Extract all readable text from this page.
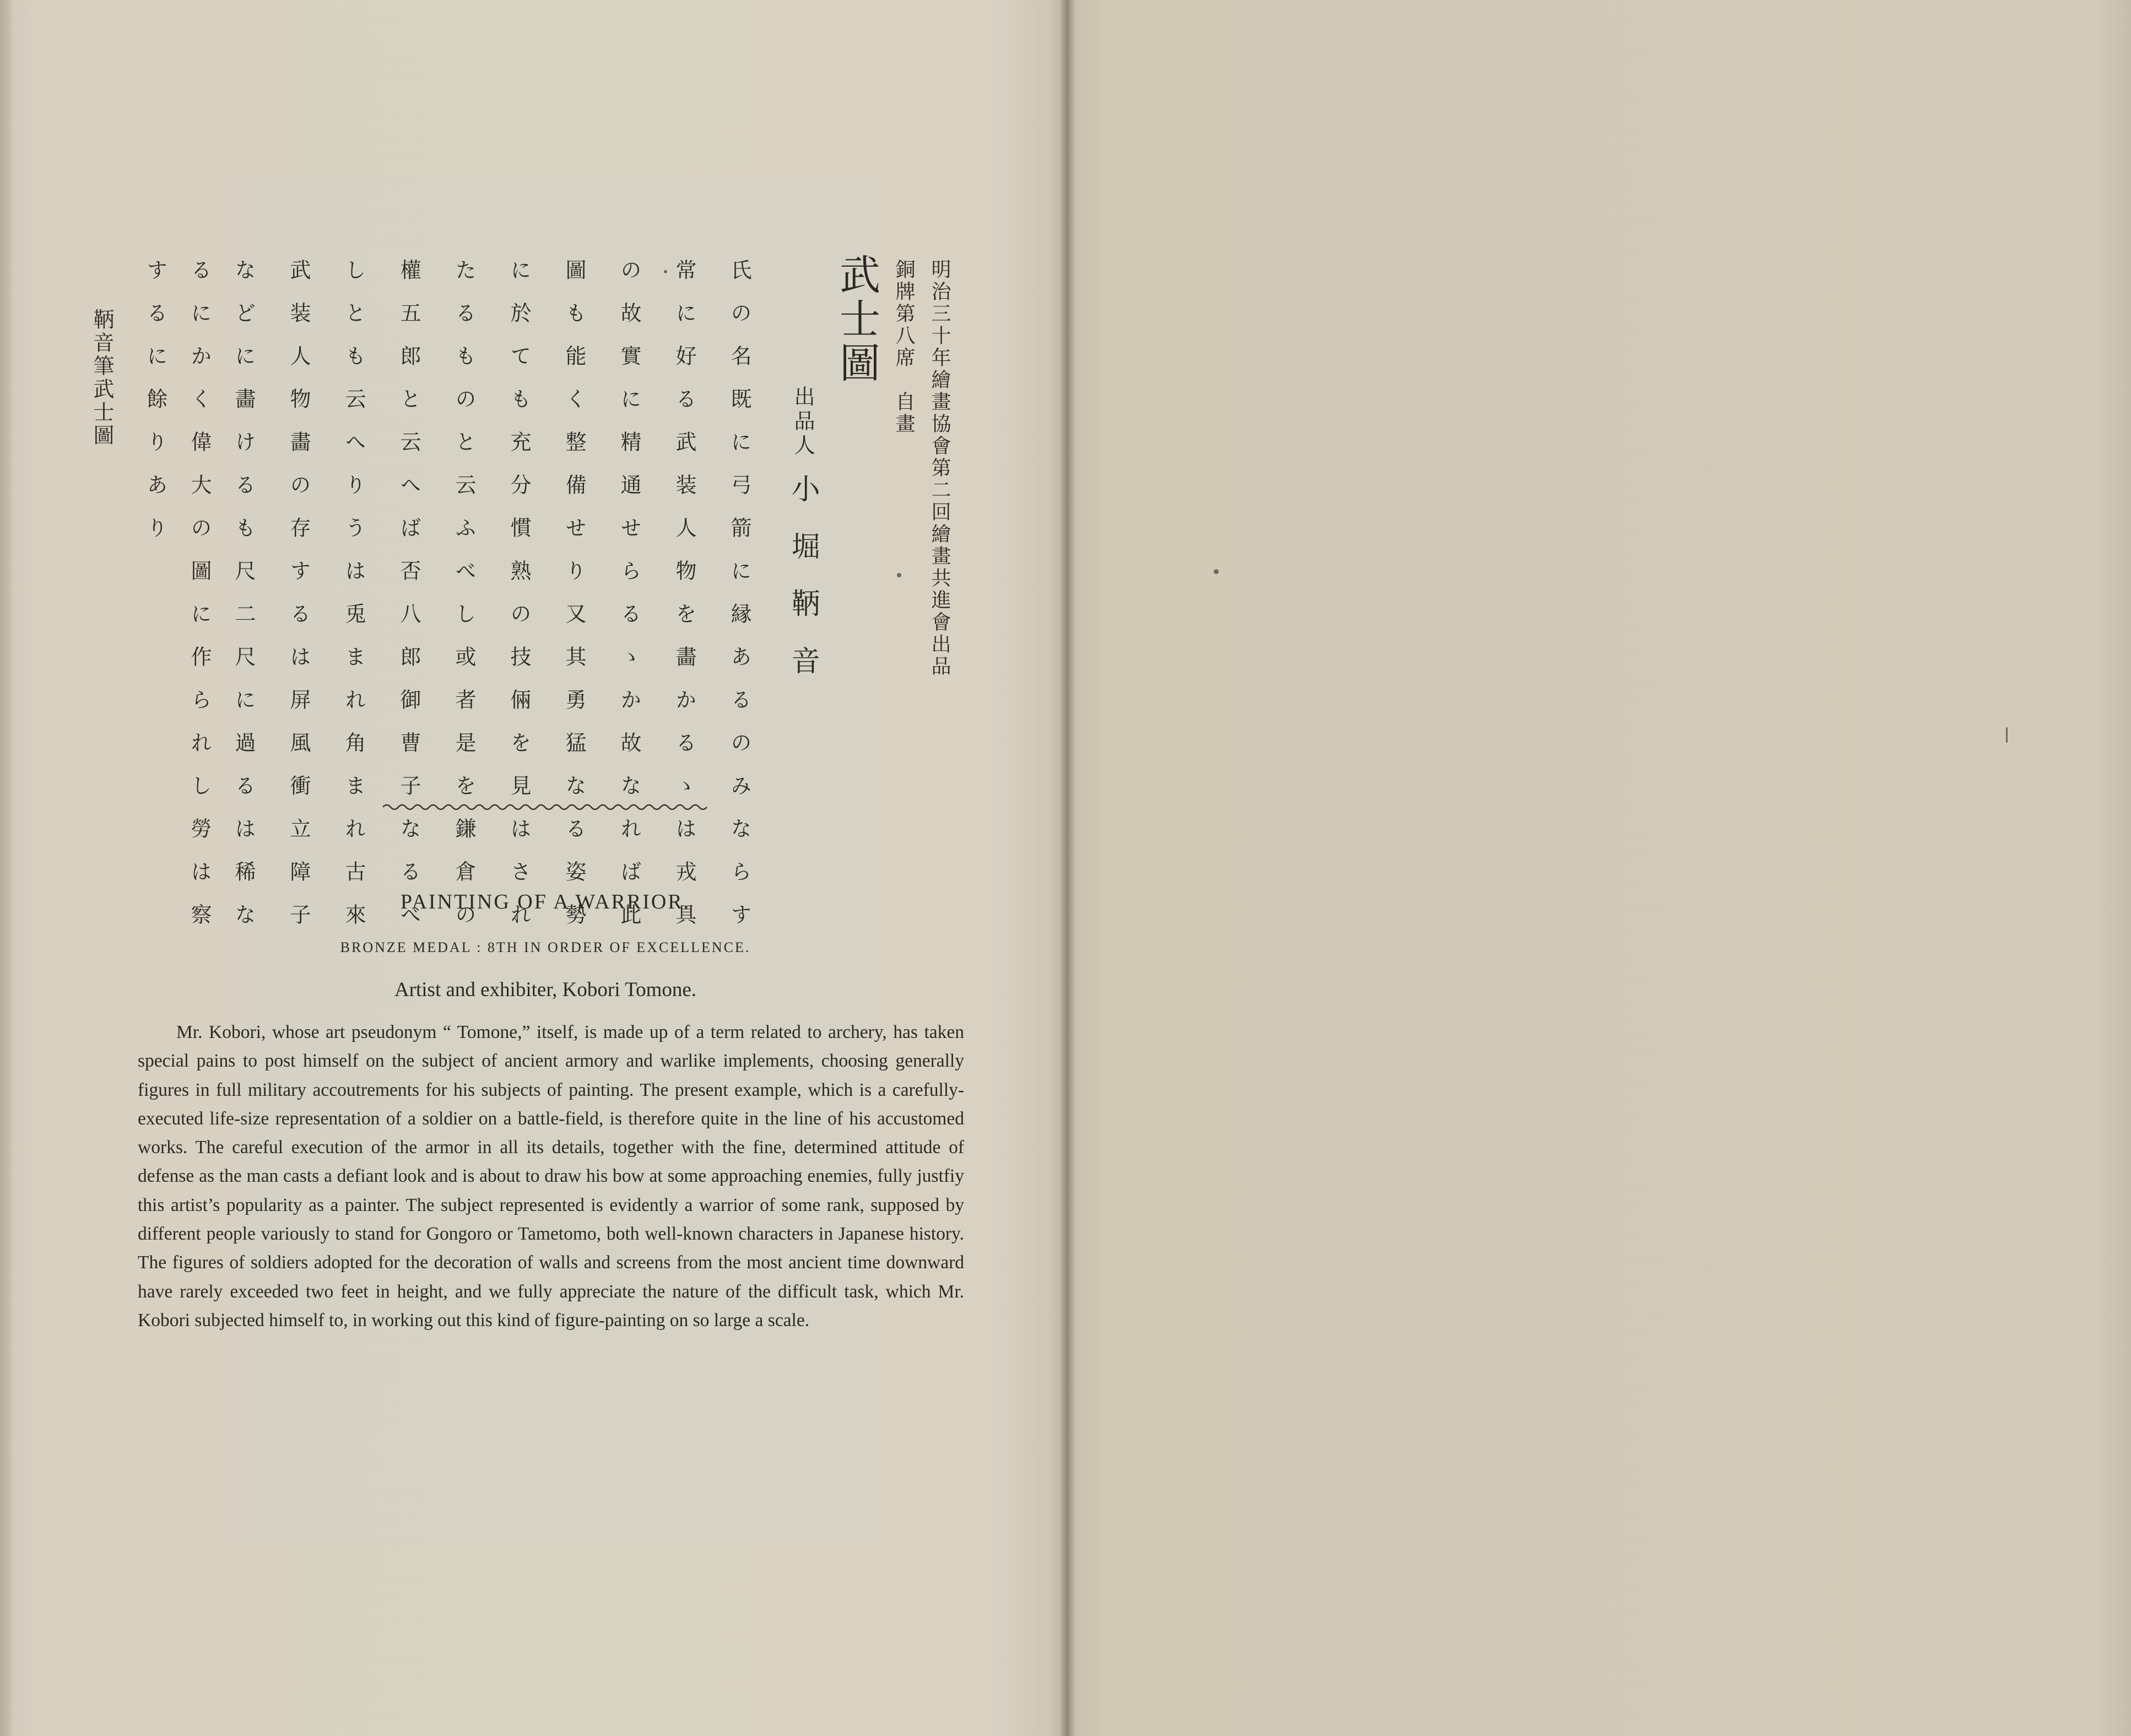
明治三十年繪畫協會第二回繪畫共進會出品
銅牌第八席　自畫
武士圖
出品人
小堀鞆音
氏の名既に弓箭に縁あるのみならす
常に好る武装人物を畵かるゝは戎具
の故實に精通せらるゝか故なれば此
圖も能く整備せり又其勇猛なる姿勢
に於ても充分慣熟の技倆を見はされ
たるものと云ふべし或者是を鎌倉の
權五郎と云へば否八郎御曹子なるべ
しとも云へりうは兎まれ角まれ古來
武装人物畵の存するは屏風衝立障子
などに畵けるも尺二尺に過るは稀な
るにかく偉大の圖に作られし勞は察
するに餘りあり
鞆音筆武士圖
PAINTING OF A WARRIOR.
BRONZE MEDAL : 8TH IN ORDER OF EXCELLENCE.
Artist and exhibiter, Kobori Tomone.
Mr. Kobori, whose art pseudonym “ Tomone,” itself, is made up of a term related to archery, has taken special pains to post himself on the subject of ancient armory and warlike implements, choosing generally figures in full military accoutrements for his subjects of painting. The present example, which is a carefully-executed life-size representation of a soldier on a battle-field, is therefore quite in the line of his accustomed works. The careful execution of the armor in all its details, together with the fine, determined attitude of defense as the man casts a defiant look and is about to draw his bow at some approaching enemies, fully justfiy this artist’s popularity as a painter. The subject represented is evidently a warrior of some rank, supposed by different people variously to stand for Gongoro or Tametomo, both well-known characters in Japanese history. The figures of soldiers adopted for the decoration of walls and screens from the most ancient time downward have rarely exceeded two feet in height, and we fully appreciate the nature of the difficult task, which Mr. Kobori subjected himself to, in working out this kind of figure-painting on so large a scale.
